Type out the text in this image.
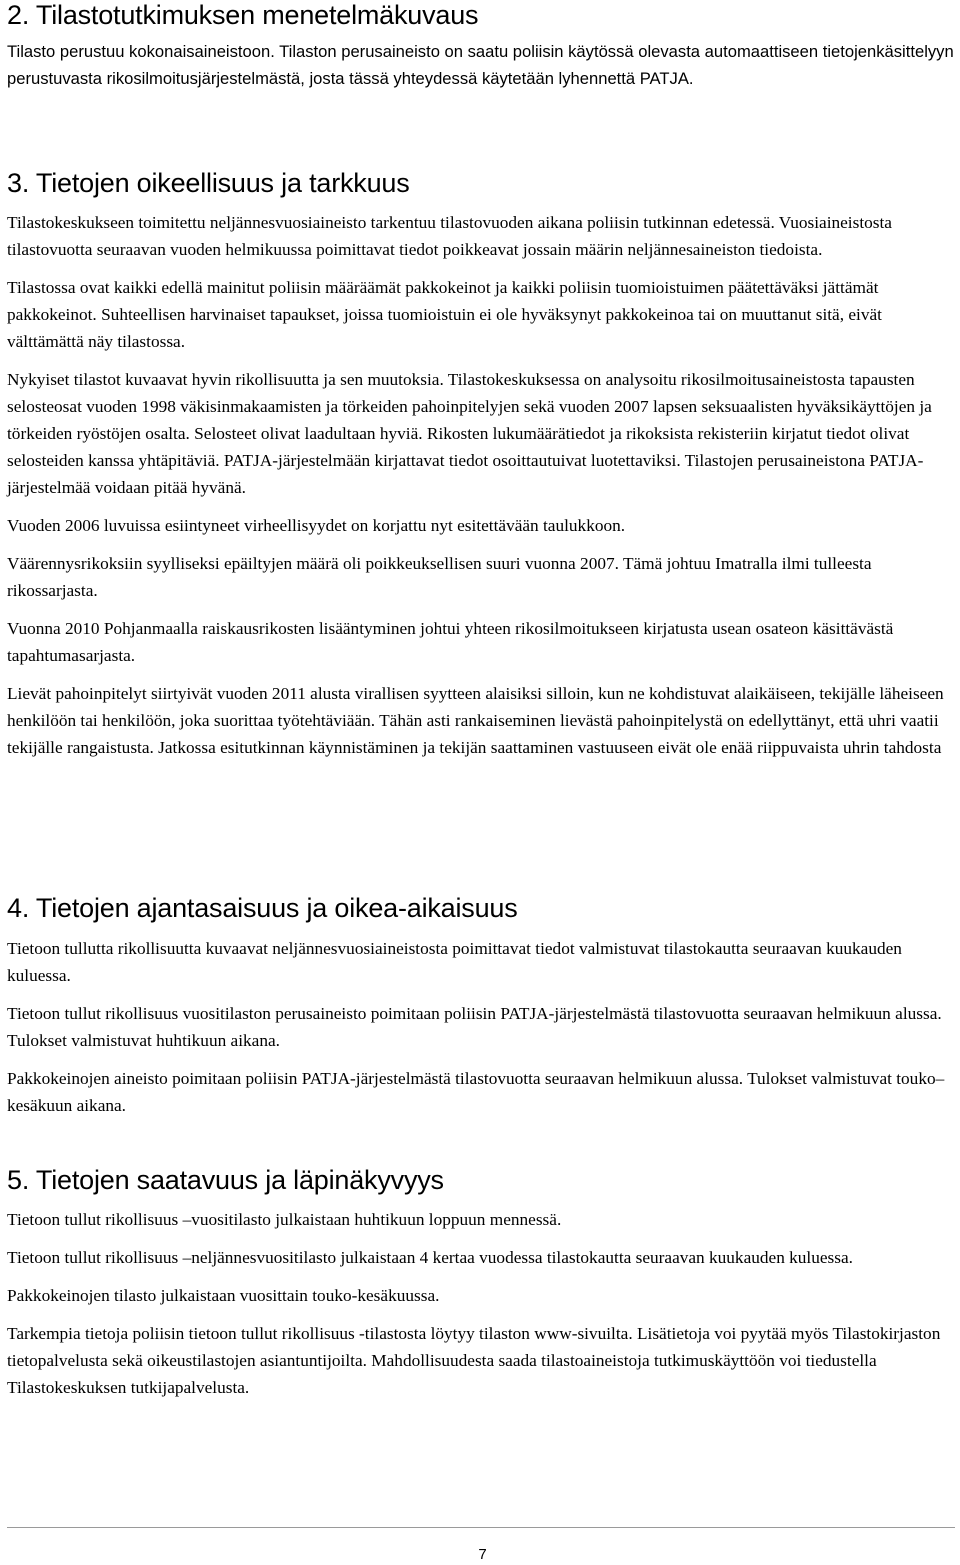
2. Tilastotutkimuksen menetelmäkuvaus

Tilasto perustuu kokonaisaineistoon. Tilaston perusaineisto on saatu poliisin käytössä olevasta automaattiseen tietojenkäsittelyyn perustuvasta rikosilmoitusjärjestelmästä, josta tässä yhteydessä käytetään lyhennettä PATJA.

3. Tietojen oikeellisuus ja tarkkuus

Tilastokeskukseen toimitettu neljännesvuosiaineisto tarkentuu tilastovuoden aikana poliisin tutkinnan edetessä. Vuosiaineistosta tilastovuotta seuraavan vuoden helmikuussa poimittavat tiedot poikkeavat jossain määrin neljännesaineiston tiedoista.

Tilastossa ovat kaikki edellä mainitut poliisin määräämät pakkokeinot ja kaikki poliisin tuomioistuimen päätettäväksi jättämät pakkokeinot. Suhteellisen harvinaiset tapaukset, joissa tuomioistuin ei ole hyväksynyt pakkokeinoa tai on muuttanut sitä, eivät välttämättä näy tilastossa.

Nykyiset tilastot kuvaavat hyvin rikollisuutta ja sen muutoksia. Tilastokeskuksessa on analysoitu rikosilmoitusaineistosta tapausten selosteosat vuoden 1998 väkisinmakaamisten ja törkeiden pahoinpitelyjen sekä vuoden 2007 lapsen seksuaalisten hyväksikäyttöjen ja törkeiden ryöstöjen osalta. Selosteet olivat laadultaan hyviä. Rikosten lukumäärätiedot ja rikoksista rekisteriin kirjatut tiedot olivat selosteiden kanssa yhtäpitäviä. PATJA-järjestelmään kirjattavat tiedot osoittautuivat luotettaviksi. Tilastojen perusaineistona PATJA-järjestelmää voidaan pitää hyvänä.

Vuoden 2006 luvuissa esiintyneet virheellisyydet on korjattu nyt esitettävään taulukkoon.

Väärennysrikoksiin syylliseksi epäiltyjen määrä oli poikkeuksellisen suuri vuonna 2007. Tämä johtuu Imatralla ilmi tulleesta rikossarjasta.

Vuonna 2010 Pohjanmaalla raiskausrikosten lisääntyminen johtui yhteen rikosilmoitukseen kirjatusta usean osateon käsittävästä tapahtumasarjasta.

Lievät pahoinpitelyt siirtyivät vuoden 2011 alusta virallisen syytteen alaisiksi silloin, kun ne kohdistuvat alaikäiseen, tekijälle läheiseen henkilöön tai henkilöön, joka suorittaa työtehtäviään. Tähän asti rankaiseminen lievästä pahoinpitelystä on edellyttänyt, että uhri vaatii tekijälle rangaistusta. Jatkossa esitutkinnan käynnistäminen ja tekijän saattaminen vastuuseen eivät ole enää riippuvaista uhrin tahdosta

4. Tietojen ajantasaisuus ja oikea-aikaisuus

Tietoon tullutta rikollisuutta kuvaavat neljännesvuosiaineistosta poimittavat tiedot valmistuvat tilastokautta seuraavan kuukauden kuluessa.

Tietoon tullut rikollisuus vuositilaston perusaineisto poimitaan poliisin PATJA-järjestelmästä tilastovuotta seuraavan helmikuun alussa. Tulokset valmistuvat huhtikuun aikana.

Pakkokeinojen aineisto poimitaan poliisin PATJA-järjestelmästä tilastovuotta seuraavan helmikuun alussa. Tulokset valmistuvat touko–kesäkuun aikana.

5. Tietojen saatavuus ja läpinäkyvyys

Tietoon tullut rikollisuus –vuositilasto julkaistaan huhtikuun loppuun mennessä.

Tietoon tullut rikollisuus –neljännesvuositilasto julkaistaan 4 kertaa vuodessa tilastokautta seuraavan kuukauden kuluessa.

Pakkokeinojen tilasto julkaistaan vuosittain touko-kesäkuussa.

Tarkempia tietoja poliisin tietoon tullut rikollisuus -tilastosta löytyy tilaston www-sivuilta. Lisätietoja voi pyytää myös Tilastokirjaston tietopalvelusta sekä oikeustilastojen asiantuntijoilta. Mahdollisuudesta saada tilastoaineistoja tutkimuskäyttöön voi tiedustella Tilastokeskuksen tutkijapalvelusta.

7
